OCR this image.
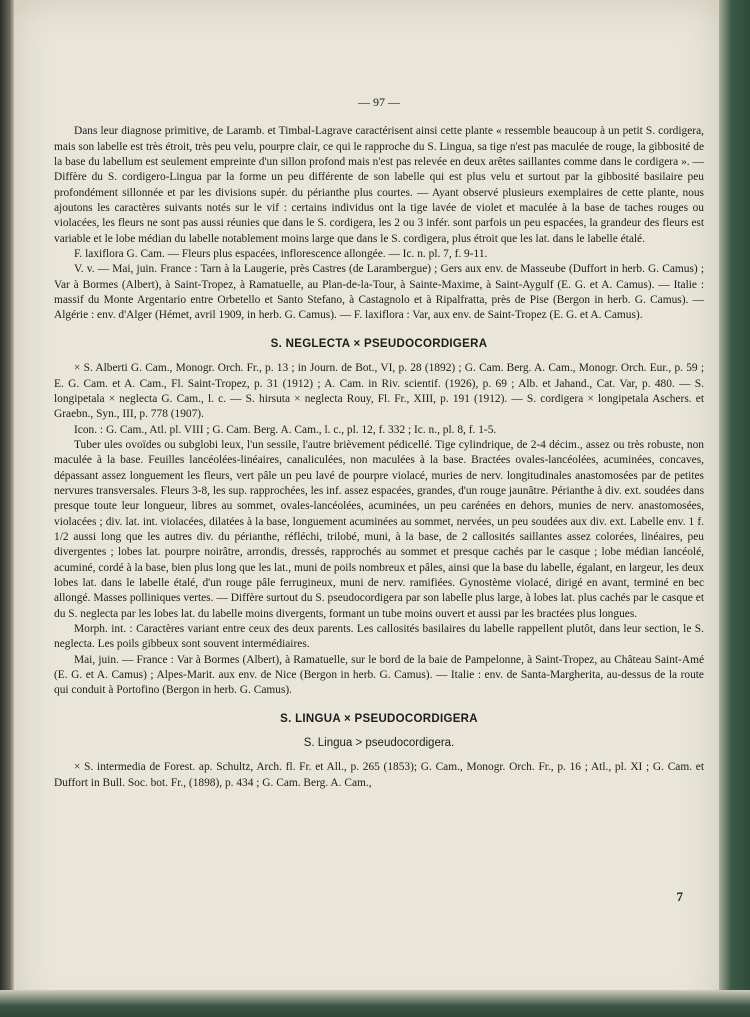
— 97 —

Dans leur diagnose primitive, de Laramb. et Timbal-Lagrave caractérisent ainsi cette plante « ressemble beaucoup à un petit S. cordigera, mais son labelle est très étroit, très peu velu, pourpre clair, ce qui le rapproche du S. Lingua, sa tige n'est pas maculée de rouge, la gibbosité de la base du labellum est seulement empreinte d'un sillon profond mais n'est pas relevée en deux arêtes saillantes comme dans le cordigera ». — Diffère du S. cordigero-Lingua par la forme un peu différente de son labelle qui est plus velu et surtout par la gibbosité basilaire peu profondément sillonnée et par les divisions supér. du périanthe plus courtes. — Ayant observé plusieurs exemplaires de cette plante, nous ajoutons les caractères suivants notés sur le vif : certains individus ont la tige lavée de violet et maculée à la base de taches rouges ou violacées, les fleurs ne sont pas aussi réunies que dans le S. cordigera, les 2 ou 3 infér. sont parfois un peu espacées, la grandeur des fleurs est variable et le lobe médian du labelle notablement moins large que dans le S. cordigera, plus étroit que les lat. dans le labelle étalé.

F. laxiflora G. Cam. — Fleurs plus espacées, inflorescence allongée. — Ic. n. pl. 7, f. 9-11.

V. v. — Mai, juin. France : Tarn à la Laugerie, près Castres (de Larambergue) ; Gers aux env. de Masseube (Duffort in herb. G. Camus) ; Var à Bormes (Albert), à Saint-Tropez, à Ramatuelle, au Plan-de-la-Tour, à Sainte-Maxime, à Saint-Aygulf (E. G. et A. Camus). — Italie : massif du Monte Argentario entre Orbetello et Santo Stefano, à Castagnolo et à Ripalfratta, près de Pise (Bergon in herb. G. Camus). — Algérie : env. d'Alger (Hémet, avril 1909, in herb. G. Camus). — F. laxiflora : Var, aux env. de Saint-Tropez (E. G. et A. Camus).

S. NEGLECTA × PSEUDOCORDIGERA

× S. Alberti G. Cam., Monogr. Orch. Fr., p. 13 ; in Journ. de Bot., VI, p. 28 (1892) ; G. Cam. Berg. A. Cam., Monogr. Orch. Eur., p. 59 ; E. G. Cam. et A. Cam., Fl. Saint-Tropez, p. 31 (1912) ; A. Cam. in Riv. scientif. (1926), p. 69 ; Alb. et Jahand., Cat. Var, p. 480. — S. longipetala × neglecta G. Cam., l. c. — S. hirsuta × neglecta Rouy, Fl. Fr., XIII, p. 191 (1912). — S. cordigera × longipetala Aschers. et Graebn., Syn., III, p. 778 (1907).

Icon. : G. Cam., Atl. pl. VIII ; G. Cam. Berg. A. Cam., l. c., pl. 12, f. 332 ; Ic. n., pl. 8, f. 1-5.

Tuber ules ovoïdes ou subglobi leux, l'un sessile, l'autre brièvement pédicellé. Tige cylindrique, de 2-4 décim., assez ou très robuste, non maculée à la base. Feuilles lancéolées-linéaires, canaliculées, non maculées à la base. Bractées ovales-lancéolées, acuminées, concaves, dépassant assez longuement les fleurs, vert pâle un peu lavé de pourpre violacé, muries de nerv. longitudinales anastomosées par de petites nervures transversales. Fleurs 3-8, les sup. rapprochées, les inf. assez espacées, grandes, d'un rouge jaunâtre. Périanthe à div. ext. soudées dans presque toute leur longueur, libres au sommet, ovales-lancéolées, acuminées, un peu carénées en dehors, munies de nerv. anastomosées, violacées ; div. lat. int. violacées, dilatées à la base, longuement acuminées au sommet, nervées, un peu soudées aux div. ext. Labelle env. 1 f. 1/2 aussi long que les autres div. du périanthe, réfléchi, trilobé, muni, à la base, de 2 callosités saillantes assez colorées, linéaires, peu divergentes ; lobes lat. pourpre noirâtre, arrondis, dressés, rapprochés au sommet et presque cachés par le casque ; lobe médian lancéolé, acuminé, cordé à la base, bien plus long que les lat., muni de poils nombreux et pâles, ainsi que la base du labelle, égalant, en largeur, les deux lobes lat. dans le labelle étalé, d'un rouge pâle ferrugineux, muni de nerv. ramifiées. Gynostème violacé, dirigé en avant, terminé en bec allongé. Masses polliniques vertes. — Diffère surtout du S. pseudocordigera par son labelle plus large, à lobes lat. plus cachés par le casque et du S. neglecta par les lobes lat. du labelle moins divergents, formant un tube moins ouvert et aussi par les bractées plus longues.

Morph. int. : Caractères variant entre ceux des deux parents. Les callosités basilaires du labelle rappellent plutôt, dans leur section, le S. neglecta. Les poils gibbeux sont souvent intermédiaires.

Mai, juin. — France : Var à Bormes (Albert), à Ramatuelle, sur le bord de la baie de Pampelonne, à Saint-Tropez, au Château Saint-Amé (E. G. et A. Camus) ; Alpes-Marit. aux env. de Nice (Bergon in herb. G. Camus). — Italie : env. de Santa-Margherita, au-dessus de la route qui conduit à Portofino (Bergon in herb. G. Camus).

S. LINGUA × PSEUDOCORDIGERA
S. Lingua > pseudocordigera.

× S. intermedia de Forest. ap. Schultz, Arch. fl. Fr. et All., p. 265 (1853); G. Cam., Monogr. Orch. Fr., p. 16 ; Atl., pl. XI ; G. Cam. et Duffort in Bull. Soc. bot. Fr., (1898), p. 434 ; G. Cam. Berg. A. Cam.,

7
